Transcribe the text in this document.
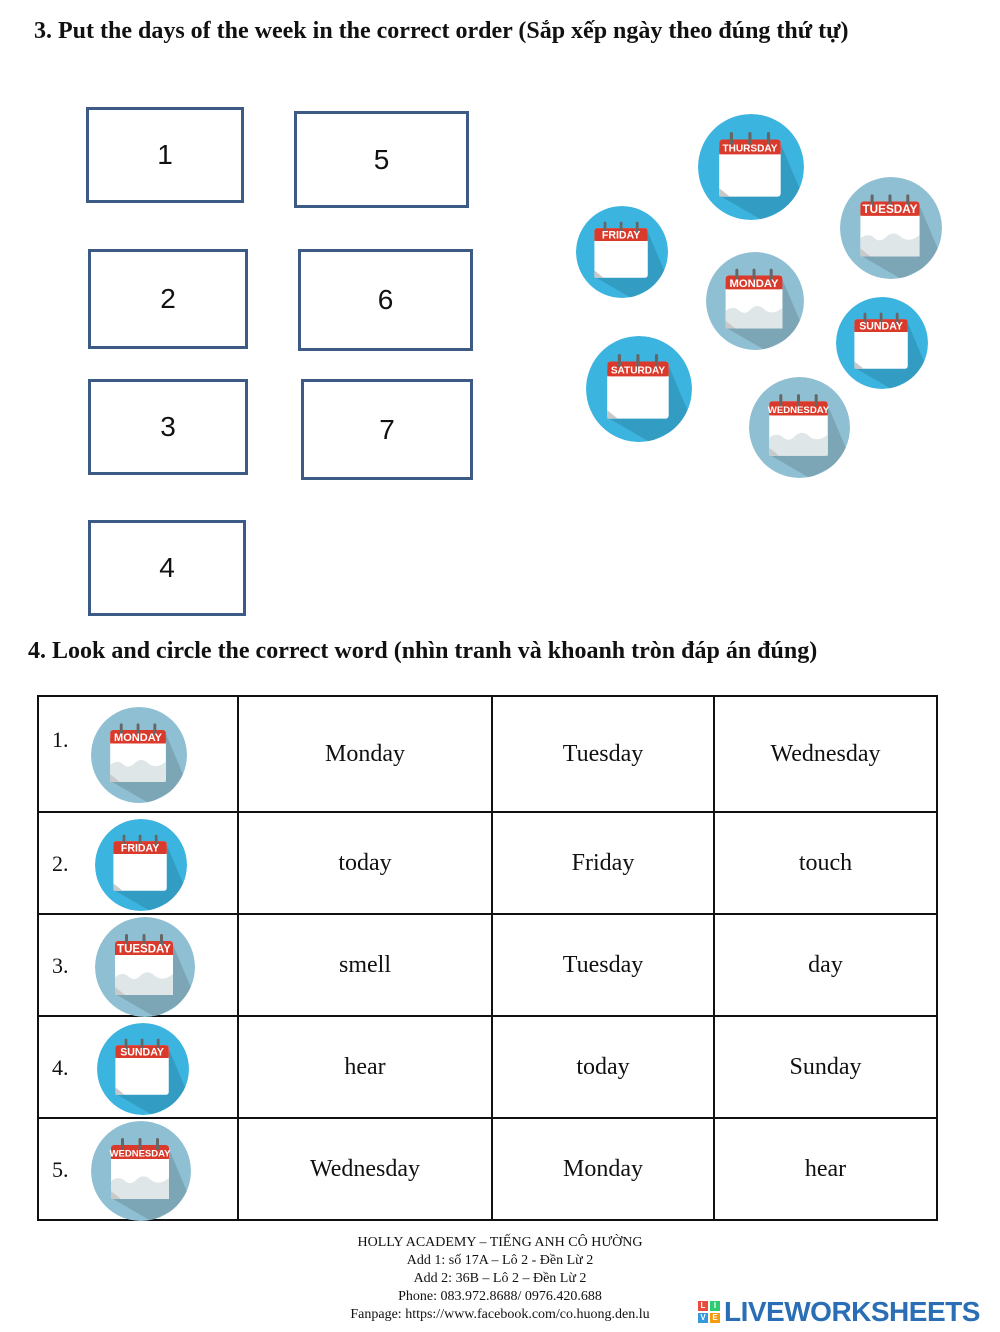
3. Put the days of the week in the correct order (Sắp xếp ngày theo đúng thứ tự)
1
2
3
4
5
6
7
THURSDAY
FRIDAY
TUESDAY
MONDAY
SUNDAY
SATURDAY
WEDNESDAY
4. Look and circle the correct word (nhìn tranh và khoanh tròn đáp án đúng)
1. MONDAY	Monday	Tuesday	Wednesday

2.
FRIDAY	today	Friday	touch

3.
TUESDAY	smell	Tuesday	day

4.
SUNDAY	hear	today	Sunday

5.
WEDNESDAY	Wednesday	Monday	hear
HOLLY ACADEMY – TIẾNG ANH CÔ HƯỜNG
Add 1: số 17A – Lô 2 - Đền Lừ 2
Add 2: 36B – Lô 2 – Đền Lừ 2
Phone: 083.972.8688/ 0976.420.688
Fanpage: https://www.facebook.com/co.huong.den.lu
L	I
V E LIVEWORKSHEETS
